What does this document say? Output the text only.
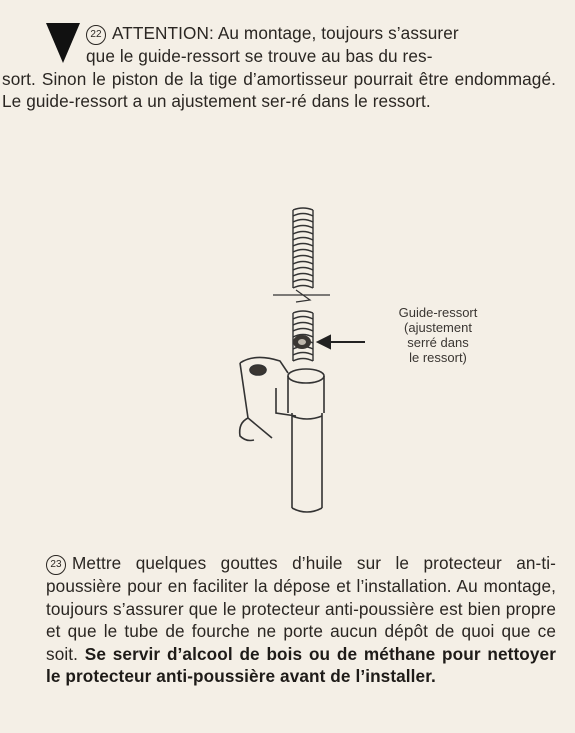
22 ATTENTION: Au montage, toujours s’assurer
que le guide-ressort se trouve au bas du res-
sort. Sinon le piston de la tige d’amortisseur pourrait être endommagé. Le guide-ressort a un ajustement ser-ré dans le ressort.
Guide-ressort
(ajustement
serré dans
le ressort)
23 Mettre quelques gouttes d’huile sur le protecteur an-ti-poussière pour en faciliter la dépose et l’installation. Au montage, toujours s’assurer que le protecteur anti-poussière est bien propre et que le tube de fourche ne porte aucun dépôt de quoi que ce soit. Se servir d’alcool de bois ou de méthane pour nettoyer le protecteur anti-poussière avant de l’installer.
